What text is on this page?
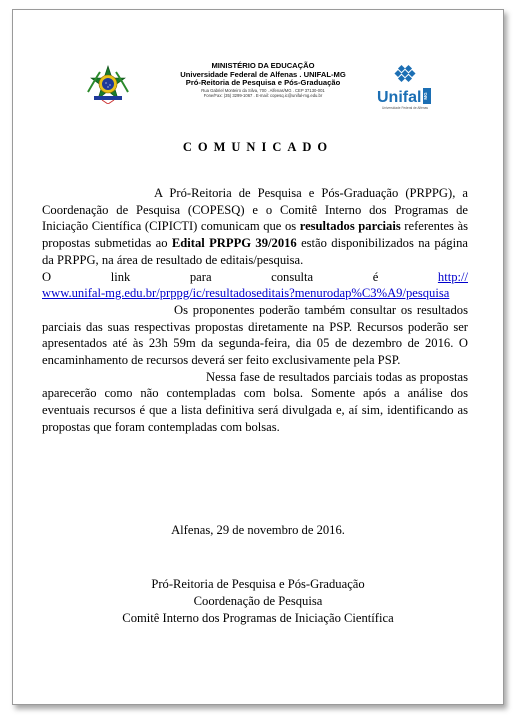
MINISTÉRIO DA EDUCAÇÃO
Universidade Federal de Alfenas . UNIFAL-MG
Pró-Reitoria de Pesquisa e Pós-Graduação
Rua Gabriel Monteiro da Silva, 700 . Alfenas/MG . CEP 37130-001
Fone/Fax: (35) 3299-1067 . E-mail: copesq.ic@unifal-mg.edu.br	Unifal MG
Universidade Federal de Alfenas
COMUNICADO

A Pró-Reitoria de Pesquisa e Pós-Graduação (PRPPG), a Coordenação de Pesquisa (COPESQ) e o Comitê Interno dos Programas de Iniciação Científica (CIPICTI) comunicam que os resultados parciais referentes às propostas submetidas ao Edital PRPPG 39/2016 estão disponibilizados na página da PRPPG, na área de resultado de editais/pesquisa.

O link para consulta é http://www.unifal-mg.edu.br/prppg/ic/resultadoseditais?menurodap%C3%A9/pesquisa

Os proponentes poderão também consultar os resultados parciais das suas respectivas propostas diretamente na PSP. Recursos poderão ser apresentados até às 23h 59m da segunda-feira, dia 05 de dezembro de 2016. O encaminhamento de recursos deverá ser feito exclusivamente pela PSP.

Nessa fase de resultados parciais todas as propostas aparecerão como não contempladas com bolsa. Somente após a análise dos eventuais recursos é que a lista definitiva será divulgada e, aí sim, identificando as propostas que foram contempladas com bolsas.

Alfenas, 29 de novembro de 2016.
Pró-Reitoria de Pesquisa e Pós-Graduação
Coordenação de Pesquisa
Comitê Interno dos Programas de Iniciação Científica
